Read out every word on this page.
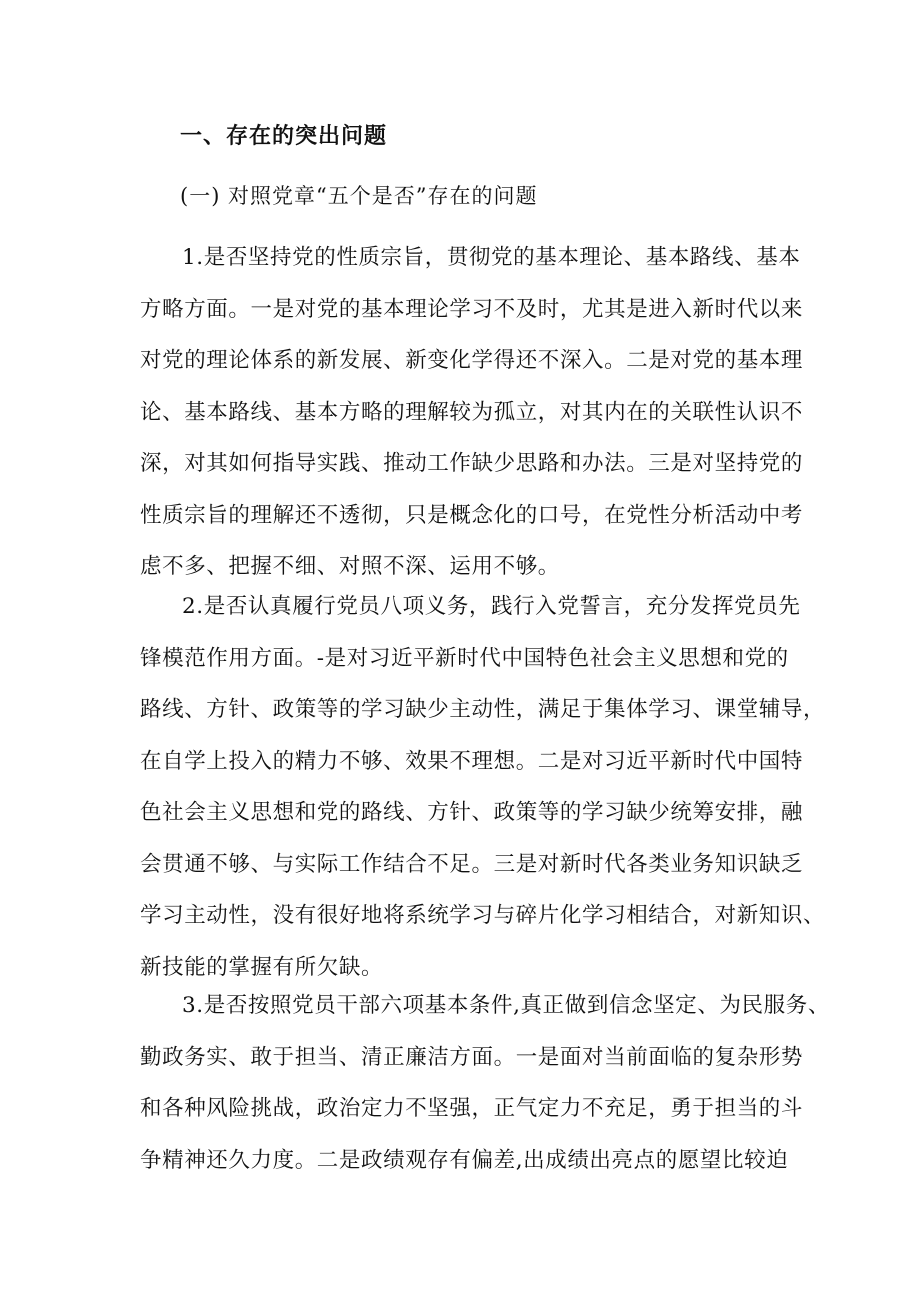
一、存在的突出问题
(一) 对照党章“五个是否”存在的问题
1.是否坚持党的性质宗旨，贯彻党的基本理论、基本路线、基本
方略方面。一是对党的基本理论学习不及时，尤其是进入新时代以来
对党的理论体系的新发展、新变化学得还不深入。二是对党的基本理
论、基本路线、基本方略的理解较为孤立，对其内在的关联性认识不
深，对其如何指导实践、推动工作缺少思路和办法。三是对坚持党的
性质宗旨的理解还不透彻，只是概念化的口号，在党性分析活动中考
虑不多、把握不细、对照不深、运用不够。
2.是否认真履行党员八项义务，践行入党誓言，充分发挥党员先
锋模范作用方面。-是对习近平新时代中国特色社会主义思想和党的
路线、方针、政策等的学习缺少主动性，满足于集体学习、课堂辅导，
在自学上投入的精力不够、效果不理想。二是对习近平新时代中国特
色社会主义思想和党的路线、方针、政策等的学习缺少统筹安排，融
会贯通不够、与实际工作结合不足。三是对新时代各类业务知识缺乏
学习主动性，没有很好地将系统学习与碎片化学习相结合，对新知识、
新技能的掌握有所欠缺。
3.是否按照党员干部六项基本条件,真正做到信念坚定、为民服务、
勤政务实、敢于担当、清正廉洁方面。一是面对当前面临的复杂形势
和各种风险挑战，政治定力不坚强，正气定力不充足，勇于担当的斗
争精神还久力度。二是政绩观存有偏差,出成绩出亮点的愿望比较迫
